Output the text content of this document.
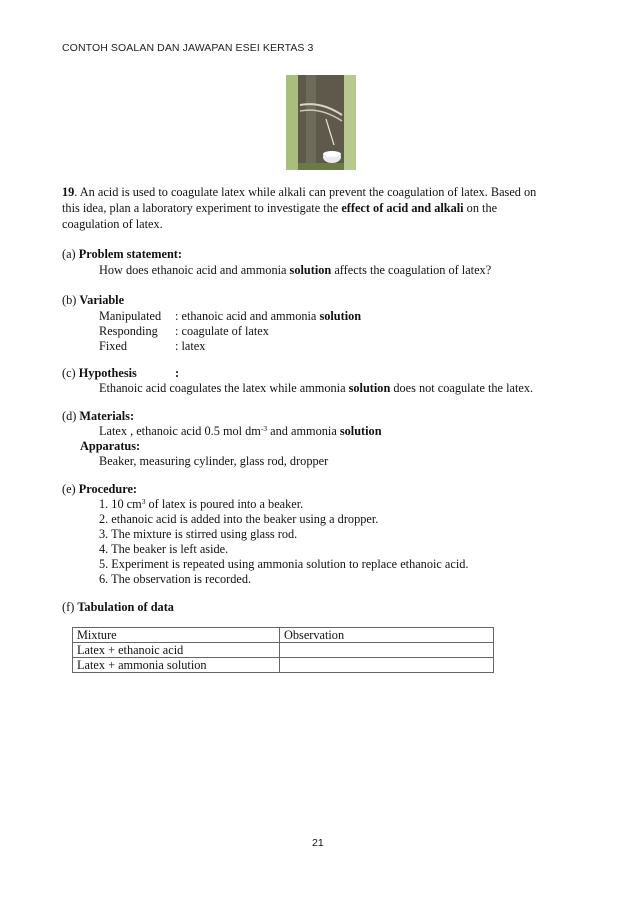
CONTOH SOALAN DAN JAWAPAN ESEI KERTAS 3
19. An acid is used to coagulate latex while alkali can prevent the coagulation of latex. Based on
this idea, plan a laboratory experiment to investigate the effect of acid and alkali on the
coagulation of latex.
(a) Problem statement:
How does ethanoic acid and ammonia solution affects the coagulation of latex?
(b) Variable
Manipulated : ethanoic acid and ammonia solution
Responding : coagulate of latex
Fixed	: latex
(c) Hypothesis	:
Ethanoic acid coagulates the latex while ammonia solution does not coagulate the latex.
(d) Materials:
Latex , ethanoic acid 0.5 mol $dm^{-3}$ and ammonia solution
Apparatus:
Beaker, measuring cylinder, glass rod, dropper
(e) Procedure:
1. 10 $cm^3$ of latex is poured into a beaker.
2. ethanoic acid is added into the beaker using a dropper.
3. The mixture is stirred using glass rod.
4. The beaker is left aside.
5. Experiment is repeated using ammonia solution to replace ethanoic acid.
6. The observation is recorded.
(f) Tabulation of data
Mixture	Observation
Latex + ethanoic acid	
Latex + ammonia solution	
21
